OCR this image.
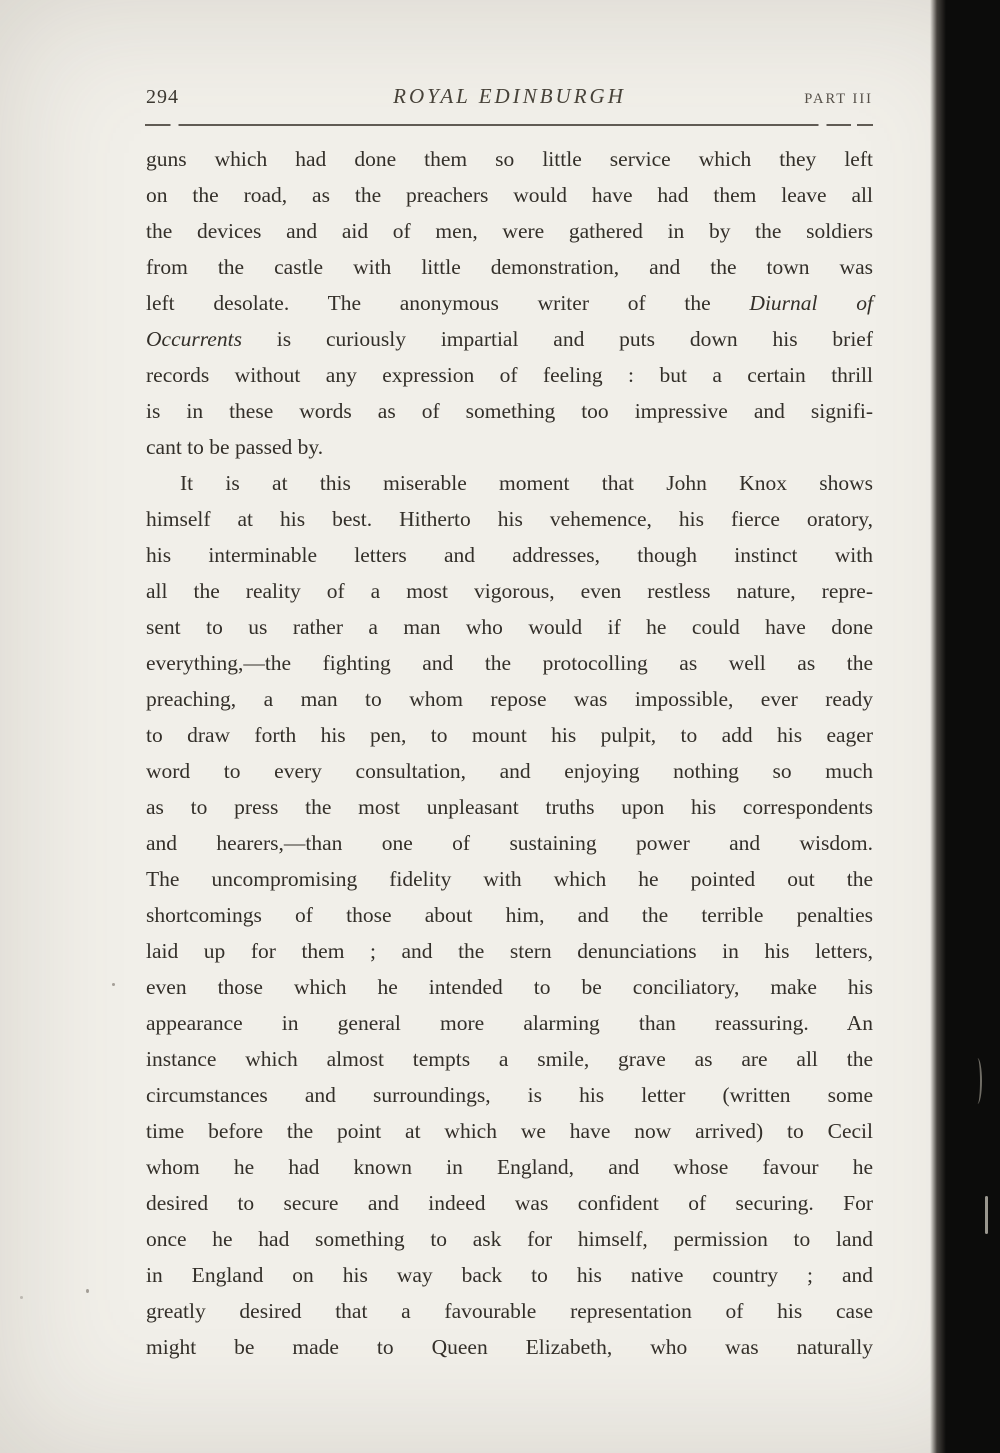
294	ROYAL EDINBURGH	PART III
guns which had done them so little service which they left
on the road, as the preachers would have had them leave all
the devices and aid of men, were gathered in by the soldiers
from the castle with little demonstration, and the town was
left desolate. The anonymous writer of the Diurnal of
Occurrents is curiously impartial and puts down his brief
records without any expression of feeling : but a certain thrill
is in these words as of something too impressive and signifi-
cant to be passed by.
It is at this miserable moment that John Knox shows
himself at his best. Hitherto his vehemence, his fierce oratory,
his interminable letters and addresses, though instinct with
all the reality of a most vigorous, even restless nature, repre-
sent to us rather a man who would if he could have done
everything,—the fighting and the protocolling as well as the
preaching, a man to whom repose was impossible, ever ready
to draw forth his pen, to mount his pulpit, to add his eager
word to every consultation, and enjoying nothing so much
as to press the most unpleasant truths upon his correspondents
and hearers,—than one of sustaining power and wisdom.
The uncompromising fidelity with which he pointed out the
shortcomings of those about him, and the terrible penalties
laid up for them ; and the stern denunciations in his letters,
even those which he intended to be conciliatory, make his
appearance in general more alarming than reassuring. An
instance which almost tempts a smile, grave as are all the
circumstances and surroundings, is his letter (written some
time before the point at which we have now arrived) to Cecil
whom he had known in England, and whose favour he
desired to secure and indeed was confident of securing. For
once he had something to ask for himself, permission to land
in England on his way back to his native country ; and
greatly desired that a favourable representation of his case
might be made to Queen Elizabeth, who was naturally
